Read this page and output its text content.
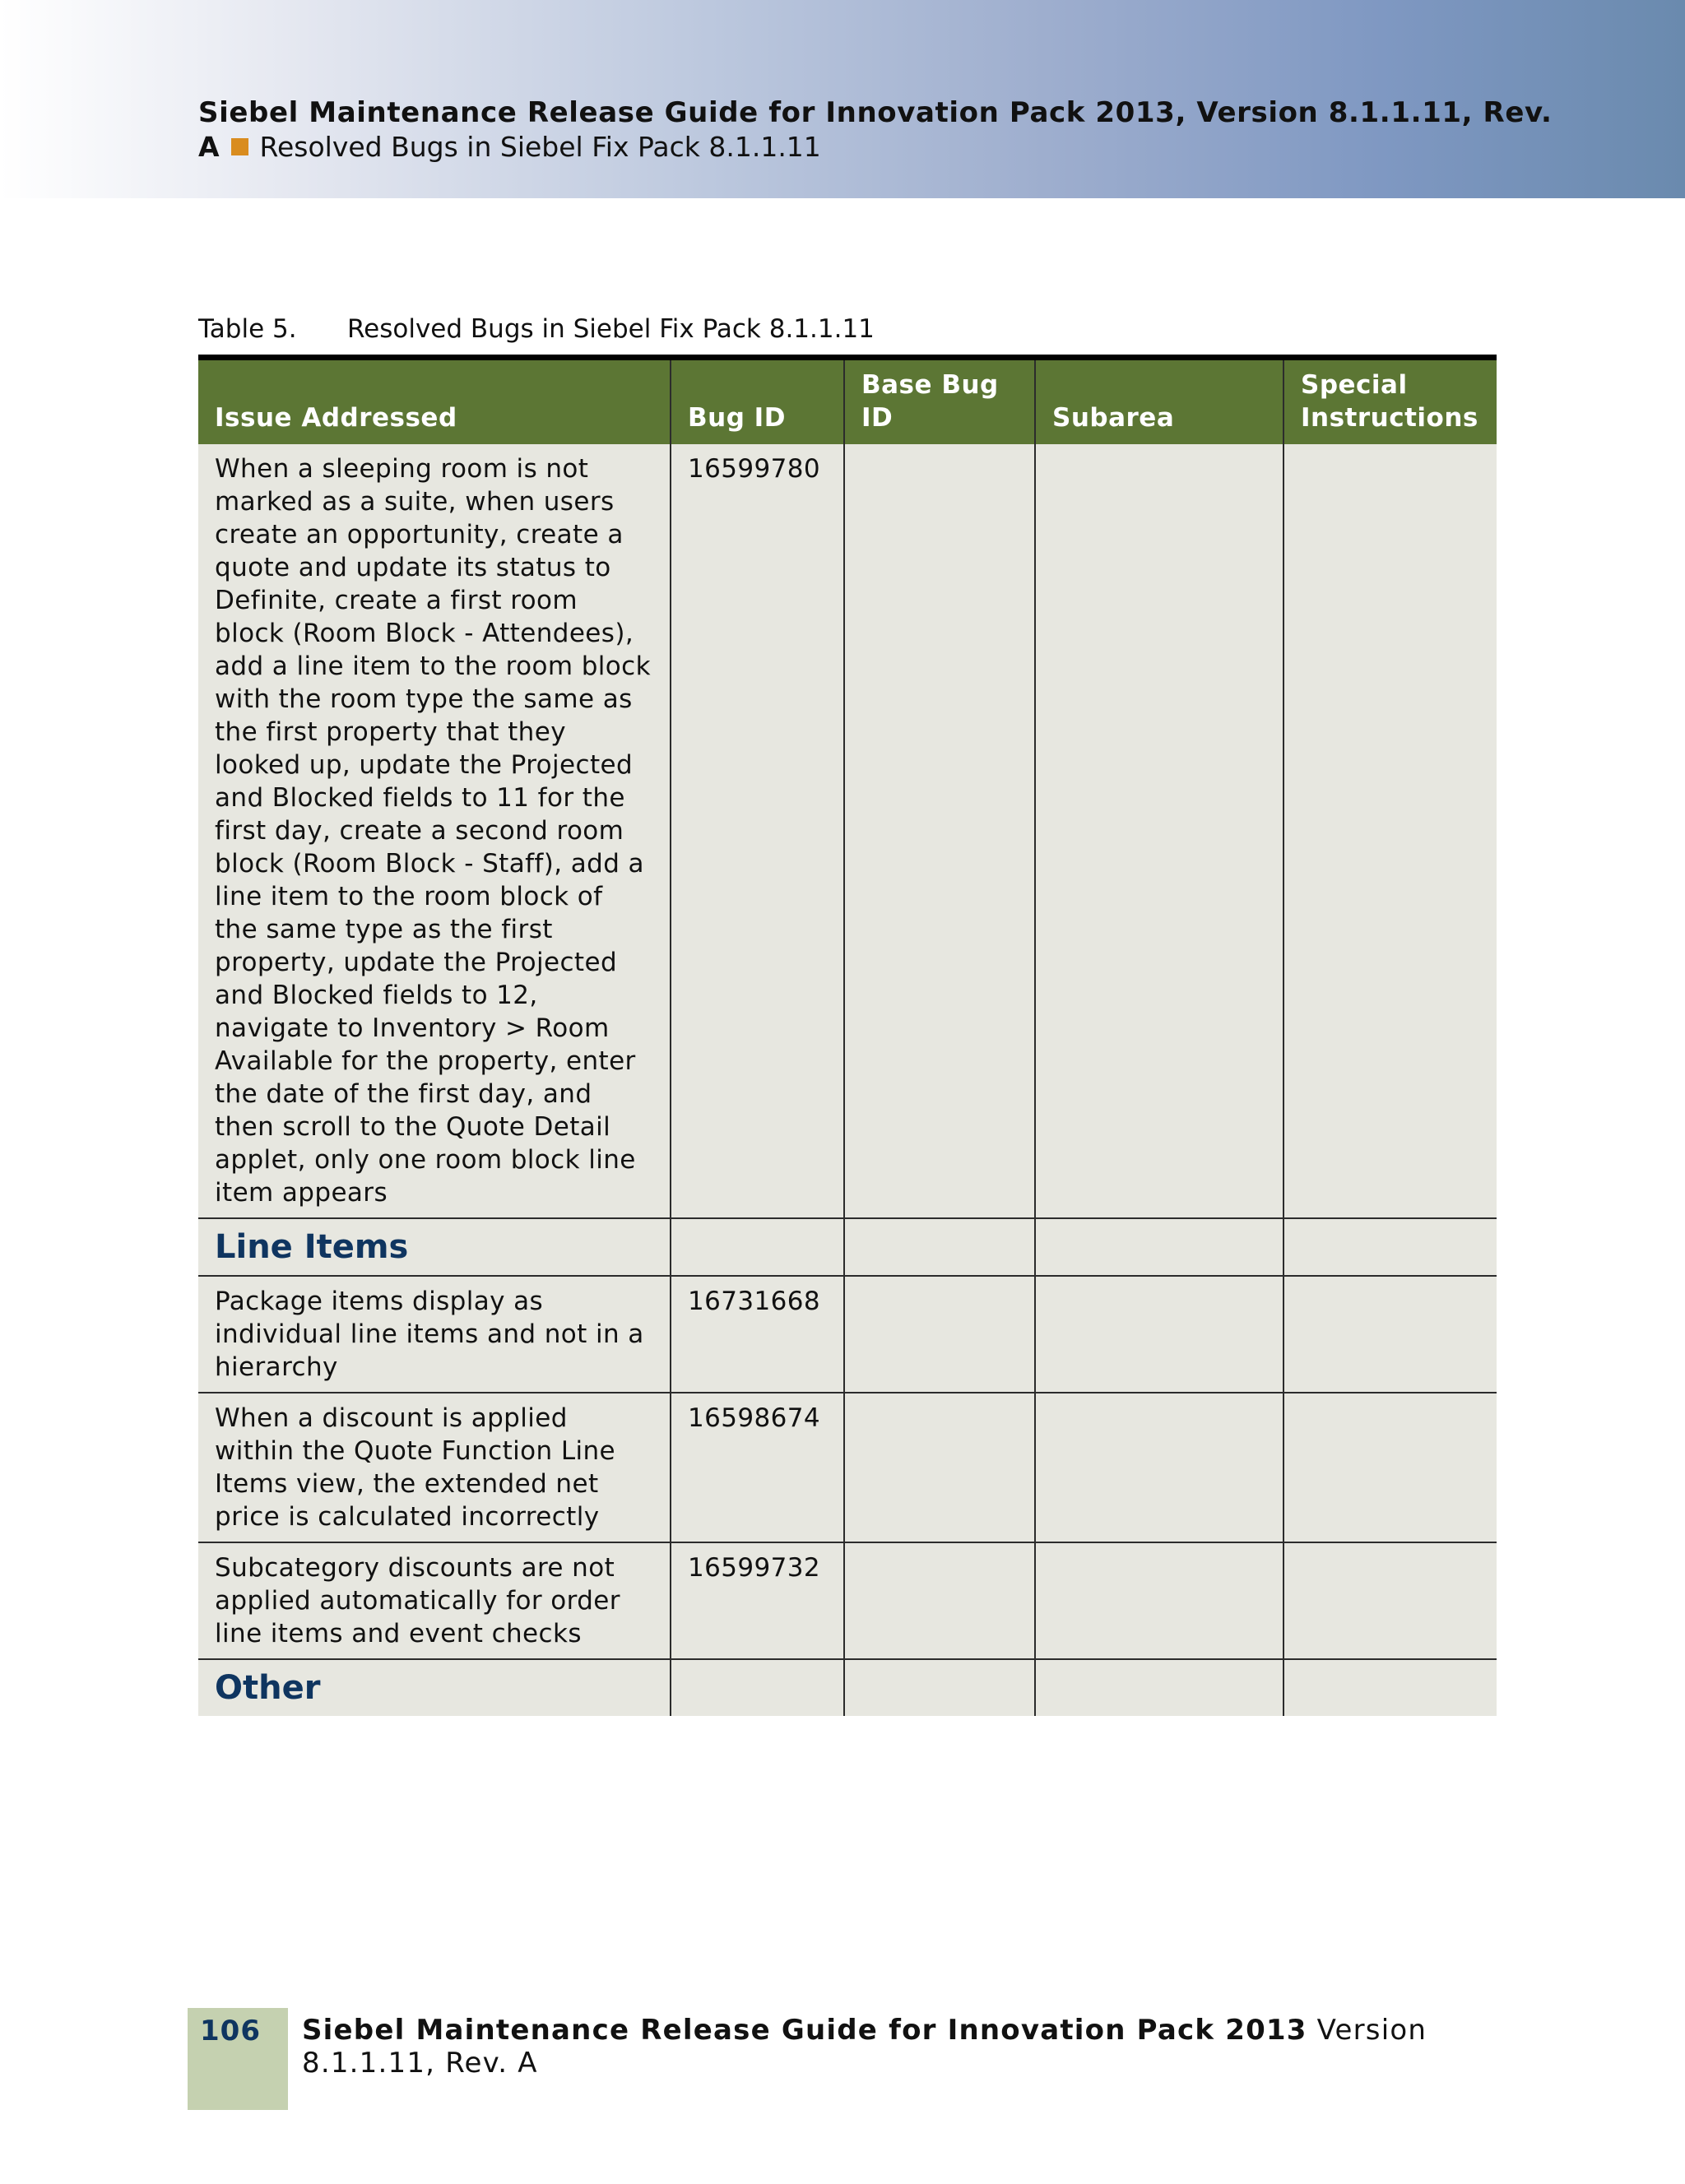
Siebel Maintenance Release Guide for Innovation Pack 2013, Version 8.1.1.11, Rev.
A Resolved Bugs in Siebel Fix Pack 8.1.1.11
Table 5. Resolved Bugs in Siebel Fix Pack 8.1.1.11
Issue Addressed	Bug ID	Base Bug ID	Subarea	Special Instructions
When a sleeping room is not marked as a suite, when users create an opportunity, create a quote and update its status to Definite, create a first room block (Room Block - Attendees), add a line item to the room block with the room type the same as the first property that they looked up, update the Projected and Blocked fields to 11 for the first day, create a second room block (Room Block - Staff), add a line item to the room block of the same type as the first property, update the Projected and Blocked fields to 12, navigate to Inventory > Room Available for the property, enter the date of the first day, and then scroll to the Quote Detail applet, only one room block line item appears	16599780			
Line Items				
Package items display as individual line items and not in a hierarchy	16731668			
When a discount is applied within the Quote Function Line Items view, the extended net price is calculated incorrectly	16598674			
Subcategory discounts are not applied automatically for order line items and event checks	16599732			
Other				
106 Siebel Maintenance Release Guide for Innovation Pack 2013 Version 8.1.1.11, Rev. A
